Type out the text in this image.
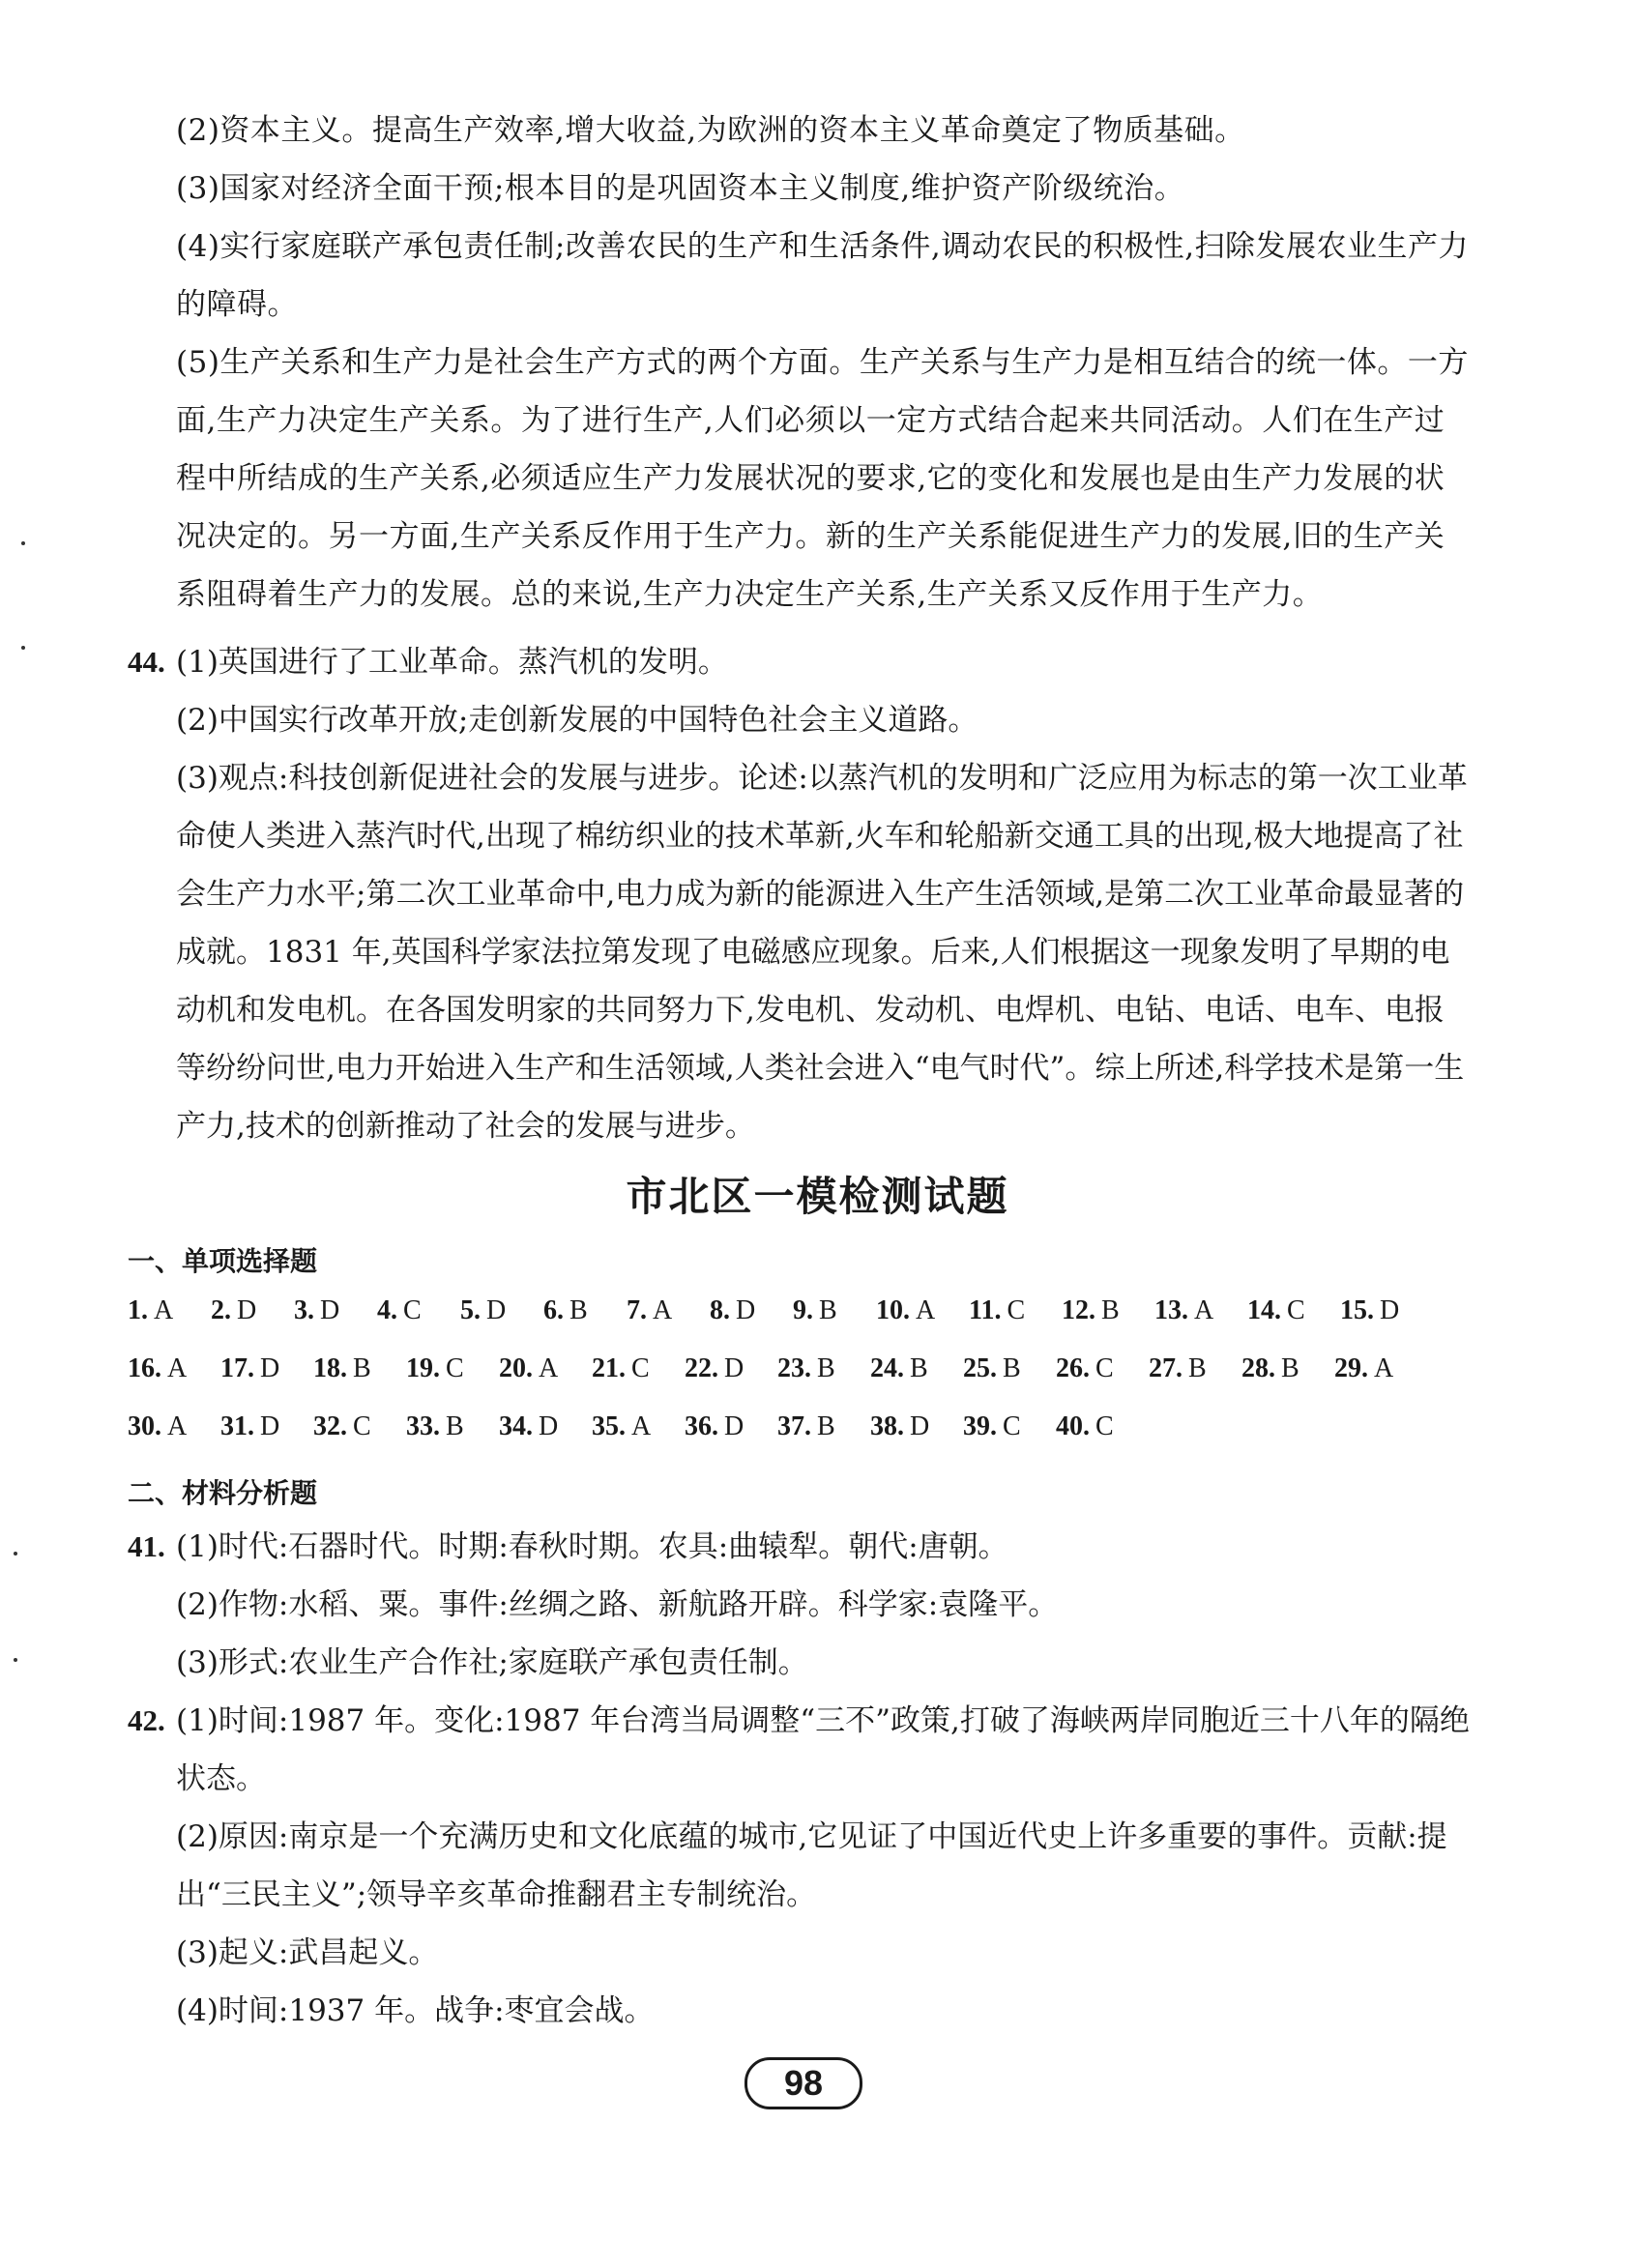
(2)资本主义。提高生产效率,增大收益,为欧洲的资本主义革命奠定了物质基础。
(3)国家对经济全面干预;根本目的是巩固资本主义制度,维护资产阶级统治。
(4)实行家庭联产承包责任制;改善农民的生产和生活条件,调动农民的积极性,扫除发展农业生产力的障碍。
(5)生产关系和生产力是社会生产方式的两个方面。生产关系与生产力是相互结合的统一体。一方面,生产力决定生产关系。为了进行生产,人们必须以一定方式结合起来共同活动。人们在生产过程中所结成的生产关系,必须适应生产力发展状况的要求,它的变化和发展也是由生产力发展的状况决定的。另一方面,生产关系反作用于生产力。新的生产关系能促进生产力的发展,旧的生产关系阻碍着生产力的发展。总的来说,生产力决定生产关系,生产关系又反作用于生产力。
44. (1)英国进行了工业革命。蒸汽机的发明。
(2)中国实行改革开放;走创新发展的中国特色社会主义道路。
(3)观点:科技创新促进社会的发展与进步。论述:以蒸汽机的发明和广泛应用为标志的第一次工业革命使人类进入蒸汽时代,出现了棉纺织业的技术革新,火车和轮船新交通工具的出现,极大地提高了社会生产力水平;第二次工业革命中,电力成为新的能源进入生产生活领域,是第二次工业革命最显著的成就。1831 年,英国科学家法拉第发现了电磁感应现象。后来,人们根据这一现象发明了早期的电动机和发电机。在各国发明家的共同努力下,发电机、发动机、电焊机、电钻、电话、电车、电报等纷纷问世,电力开始进入生产和生活领域,人类社会进入“电气时代”。综上所述,科学技术是第一生产力,技术的创新推动了社会的发展与进步。
市北区一模检测试题
一、单项选择题
1. A	2. D	3. D	4. C	5. D	6. B	7. A	8. D	9. B	10. A	11. C	12. B	13. A	14. C	15. D
16. A	17. D	18. B	19. C	20. A	21. C	22. D	23. B	24. B	25. B	26. C	27. B	28. B	29. A
30. A	31. D	32. C	33. B	34. D	35. A	36. D	37. B	38. D	39. C	40. C
二、材料分析题
41. (1)时代:石器时代。时期:春秋时期。农具:曲辕犁。朝代:唐朝。
(2)作物:水稻、粟。事件:丝绸之路、新航路开辟。科学家:袁隆平。
(3)形式:农业生产合作社;家庭联产承包责任制。
42. (1)时间:1987 年。变化:1987 年台湾当局调整“三不”政策,打破了海峡两岸同胞近三十八年的隔绝状态。
(2)原因:南京是一个充满历史和文化底蕴的城市,它见证了中国近代史上许多重要的事件。贡献:提出“三民主义”;领导辛亥革命推翻君主专制统治。
(3)起义:武昌起义。
(4)时间:1937 年。战争:枣宜会战。
98
